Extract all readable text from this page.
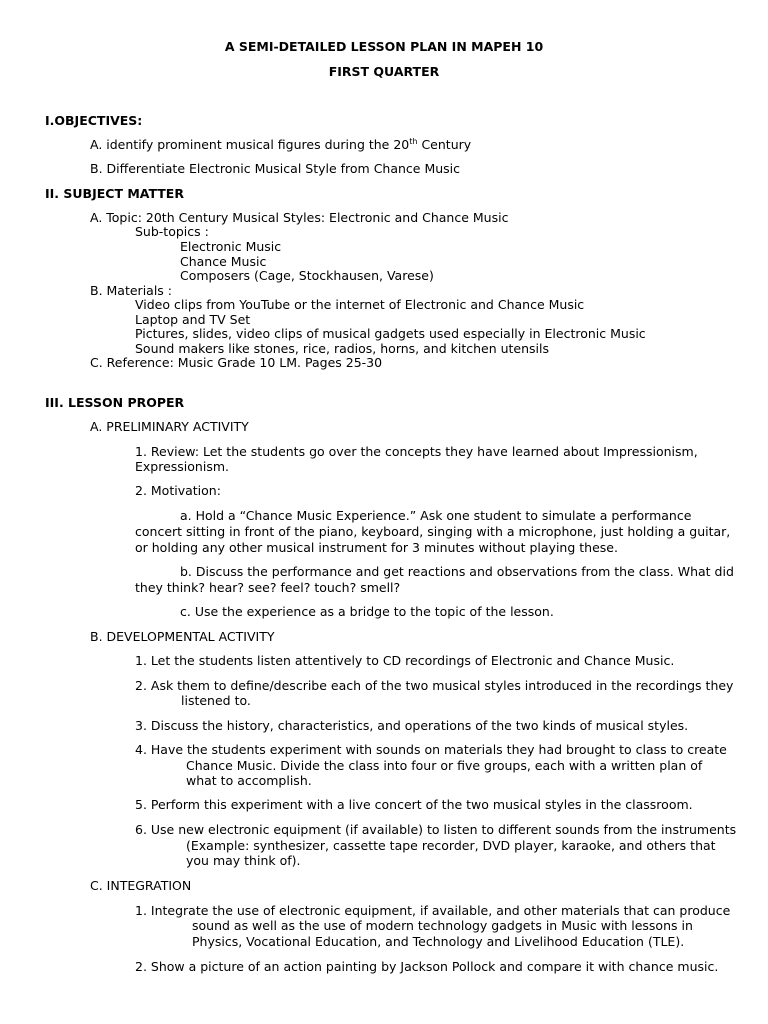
A SEMI-DETAILED LESSON PLAN IN MAPEH 10
FIRST QUARTER
I.OBJECTIVES:
A. identify prominent musical figures during the 20th Century
B. Differentiate Electronic Musical Style from Chance Music
II. SUBJECT MATTER
A. Topic: 20th Century Musical Styles: Electronic and Chance Music
Sub-topics :
Electronic Music
Chance Music
Composers (Cage, Stockhausen, Varese)
B. Materials :
Video clips from YouTube or the internet of Electronic and Chance Music
Laptop and TV Set
Pictures, slides, video clips of musical gadgets used especially in Electronic Music
Sound makers like stones, rice, radios, horns, and kitchen utensils
C. Reference: Music Grade 10 LM. Pages 25-30
III. LESSON PROPER
A. PRELIMINARY ACTIVITY
1. Review: Let the students go over the concepts they have learned about Impressionism,
Expressionism.
2. Motivation:
a. Hold a “Chance Music Experience.” Ask one student to simulate a performance
concert sitting in front of the piano, keyboard, singing with a microphone, just holding a guitar,
or holding any other musical instrument for 3 minutes without playing these.
b. Discuss the performance and get reactions and observations from the class. What did
they think? hear? see? feel? touch? smell?
c. Use the experience as a bridge to the topic of the lesson.
B. DEVELOPMENTAL ACTIVITY
1. Let the students listen attentively to CD recordings of Electronic and Chance Music.
2. Ask them to define/describe each of the two musical styles introduced in the recordings they
listened to.
3. Discuss the history, characteristics, and operations of the two kinds of musical styles.
4. Have the students experiment with sounds on materials they had brought to class to create
Chance Music. Divide the class into four or five groups, each with a written plan of
what to accomplish.
5. Perform this experiment with a live concert of the two musical styles in the classroom.
6. Use new electronic equipment (if available) to listen to different sounds from the instruments
(Example: synthesizer, cassette tape recorder, DVD player, karaoke, and others that
you may think of).
C. INTEGRATION
1. Integrate the use of electronic equipment, if available, and other materials that can produce
sound as well as the use of modern technology gadgets in Music with lessons in
Physics, Vocational Education, and Technology and Livelihood Education (TLE).
2. Show a picture of an action painting by Jackson Pollock and compare it with chance music.
